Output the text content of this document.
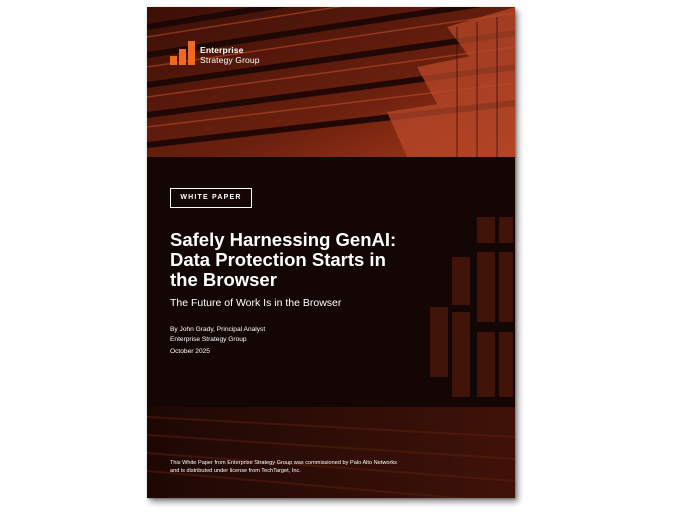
Enterprise
Strategy Group
WHITE PAPER
Safely Harnessing GenAI:
Data Protection Starts in
the Browser
The Future of Work Is in the Browser
By John Grady, Principal Analyst
Enterprise Strategy Group
October 2025
This White Paper from Enterprise Strategy Group was commissioned by Palo Alto Networks
and is distributed under license from TechTarget, Inc.
